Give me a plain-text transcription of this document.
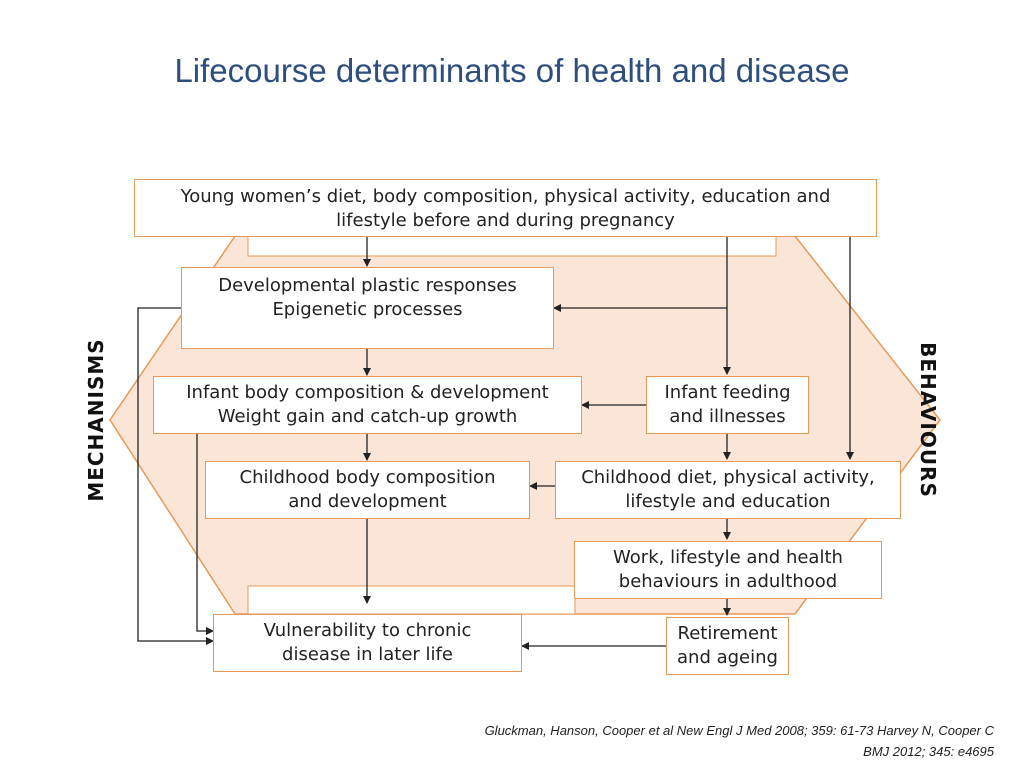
Lifecourse determinants of health and disease
MECHANISMS	BEHAVIOURS
Young women’s diet, body composition, physical activity, education and lifestyle before and during pregnancy
Developmental plastic responses
Epigenetic processes
Infant body composition & development
Weight gain and catch-up growth
Infant feeding
and illnesses
Childhood body composition
and development
Childhood diet, physical activity,
lifestyle and education
Work, lifestyle and health
behaviours in adulthood
Vulnerability to chronic
disease in later life
Retirement
and ageing
Gluckman, Hanson, Cooper et al New Engl J Med 2008; 359: 61-73 Harvey N, Cooper C
BMJ 2012; 345: e4695
